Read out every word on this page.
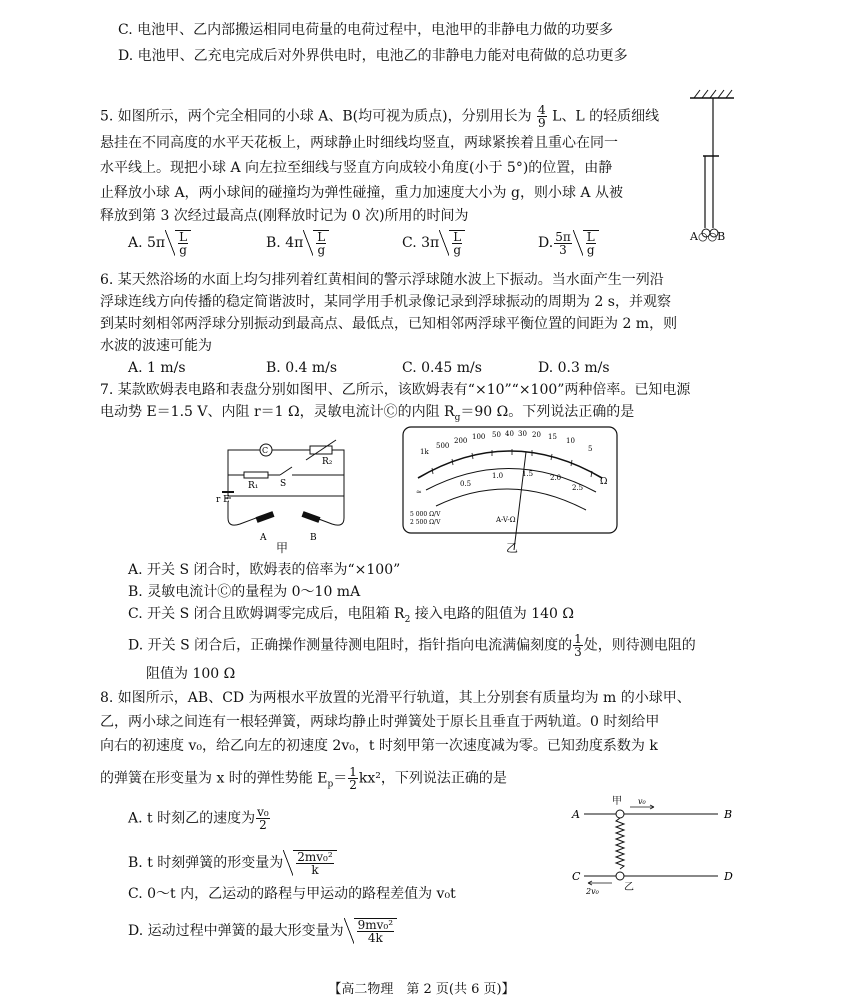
C. 电池甲、乙内部搬运相同电荷量的电荷过程中，电池甲的非静电力做的功要多
D. 电池甲、乙充电完成后对外界供电时，电池乙的非静电力能对电荷做的总功更多
5. 如图所示，两个完全相同的小球 A、B(均可视为质点)，分别用长为 $\frac{4}{9}$ L、L 的轻质细线
悬挂在不同高度的水平天花板上，两球静止时细线均竖直，两球紧挨着且重心在同一
水平线上。现把小球 A 向左拉至细线与竖直方向成较小角度(小于 5°)的位置，由静
止释放小球 A，两小球间的碰撞均为弹性碰撞，重力加速度大小为 g，则小球 A 从被
释放到第 3 次经过最高点(刚释放时记为 0 次)所用的时间为
A. $5\pi \frac{L}{g}$	B. $4\pi \frac{L}{g}$	C. $3\pi \frac{L}{g}$	D. $\frac{5\pi}{3} \frac{L}{g}$	A○○B
6. 某天然浴场的水面上均匀排列着红黄相间的警示浮球随水波上下振动。当水面产生一列沿
浮球连线方向传播的稳定简谐波时，某同学用手机录像记录到浮球振动的周期为 2 s，并观察
到某时刻相邻两浮球分别振动到最高点、最低点，已知相邻两浮球平衡位置的间距为 2 m，则
水波的波速可能为
A. 1 m/s	B. 0.4 m/s	C. 0.45 m/s	D. 0.3 m/s
7. 某款欧姆表电路和表盘分别如图甲、乙所示，该欧姆表有“×10”“×100”两种倍率。已知电源
电动势 E＝1.5 V、内阻 r＝1 Ω，灵敏电流计Ⓒ的内阻 $R_g=90$ Ω。下列说法正确的是
C
R₂
R₁ S
r E
A	B
甲
1k
500
200 100 50 40 30 20 15 10
5
Ω
≃
0.5
1.0	1.5 2.0
2.5
A-V-Ω
5 000 Ω/V
2 500 Ω/V
乙
A. 开关 S 闭合时，欧姆表的倍率为“×100”
B. 灵敏电流计Ⓒ的量程为 0～10 mA
C. 开关 S 闭合且欧姆调零完成后，电阻箱 $R_2$ 接入电路的阻值为 140 Ω
D. 开关 S 闭合后，正确操作测量待测电阻时，指针指向电流满偏刻度的 $\frac{1}{3}$ 处，则待测电阻的
阻值为 100 Ω
8. 如图所示，AB、CD 为两根水平放置的光滑平行轨道，其上分别套有质量均为 m 的小球甲、
乙，两小球之间连有一根轻弹簧，两球均静止时弹簧处于原长且垂直于两轨道。0 时刻给甲
向右的初速度 v₀，给乙向左的初速度 2v₀，t 时刻甲第一次速度减为零。已知劲度系数为 k
的弹簧在形变量为 x 时的弹性势能 $E_p= \frac{1}{2} kx^2$，下列说法正确的是
A. t 时刻乙的速度为 $\frac{\text{v₀}}{2}$
B. t 时刻弹簧的形变量为 $\frac{\text{2mv₀²}}{k}$
C. 0～t 内，乙运动的路程与甲运动的路程差值为 v₀t
D. 运动过程中弹簧的最大形变量为 $\frac{\text{9mv₀²}}{4k}$
A	B
C	D
甲 v₀
乙
2v₀
【高二物理　第 2 页(共 6 页)】
